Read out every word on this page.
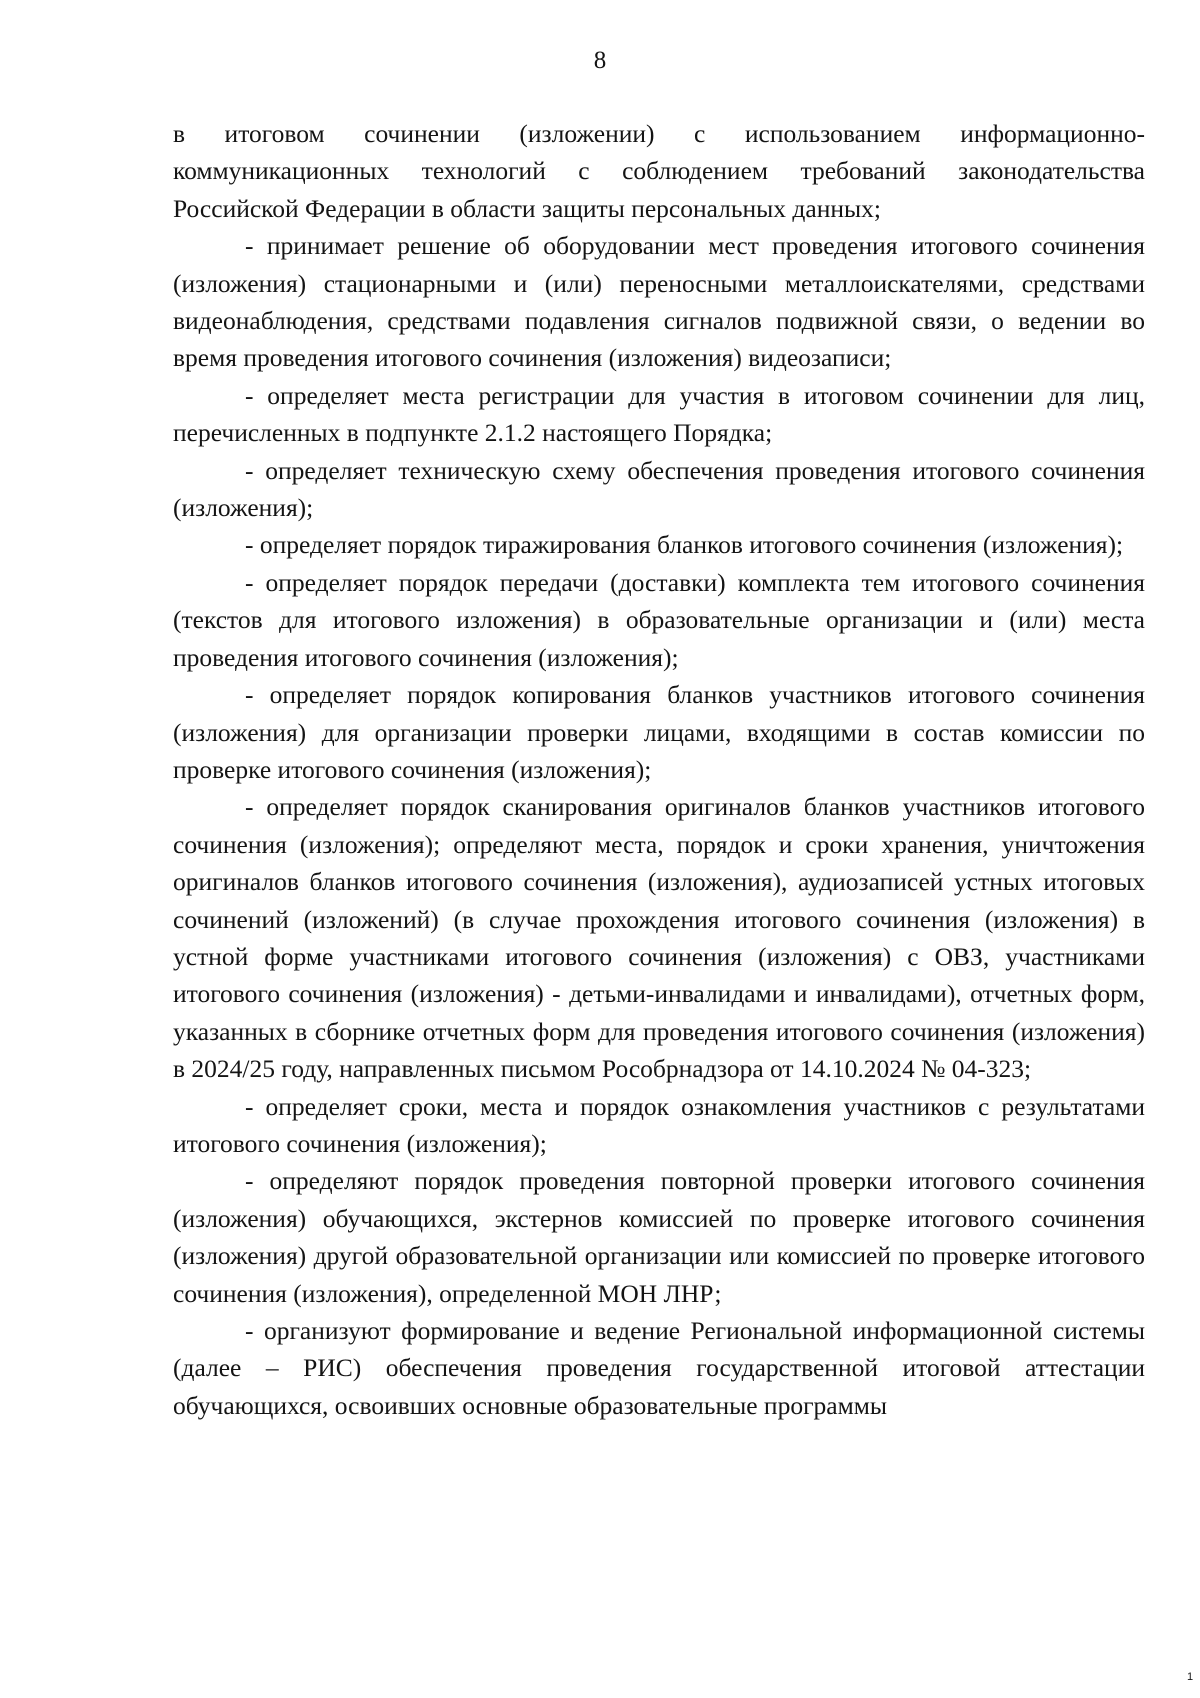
8

в итоговом сочинении (изложении) с использованием информационно-коммуникационных технологий с соблюдением требований законодательства Российской Федерации в области защиты персональных данных;

- принимает решение об оборудовании мест проведения итогового сочинения (изложения) стационарными и (или) переносными металлоискателями, средствами видеонаблюдения, средствами подавления сигналов подвижной связи, о ведении во время проведения итогового сочинения (изложения) видеозаписи;

- определяет места регистрации для участия в итоговом сочинении для лиц, перечисленных в подпункте 2.1.2 настоящего Порядка;

- определяет техническую схему обеспечения проведения итогового сочинения (изложения);

- определяет порядок тиражирования бланков итогового сочинения (изложения);

- определяет порядок передачи (доставки) комплекта тем итогового сочинения (текстов для итогового изложения) в образовательные организации и (или) места проведения итогового сочинения (изложения);

- определяет порядок копирования бланков участников итогового сочинения (изложения) для организации проверки лицами, входящими в состав комиссии по проверке итогового сочинения (изложения);

- определяет порядок сканирования оригиналов бланков участников итогового сочинения (изложения); определяют места, порядок и сроки хранения, уничтожения оригиналов бланков итогового сочинения (изложения), аудиозаписей устных итоговых сочинений (изложений) (в случае прохождения итогового сочинения (изложения) в устной форме участниками итогового сочинения (изложения) с ОВЗ, участниками итогового сочинения (изложения) - детьми-инвалидами и инвалидами), отчетных форм, указанных в сборнике отчетных форм для проведения итогового сочинения (изложения) в 2024/25 году, направленных письмом Рособрнадзора от 14.10.2024 № 04-323;

- определяет сроки, места и порядок ознакомления участников с результатами итогового сочинения (изложения);

- определяют порядок проведения повторной проверки итогового сочинения (изложения) обучающихся, экстернов комиссией по проверке итогового сочинения (изложения) другой образовательной организации или комиссией по проверке итогового сочинения (изложения), определенной МОН ЛНР;

- организуют формирование и ведение Региональной информационной системы (далее – РИС) обеспечения проведения государственной итоговой аттестации обучающихся, освоивших основные образовательные программы

1
